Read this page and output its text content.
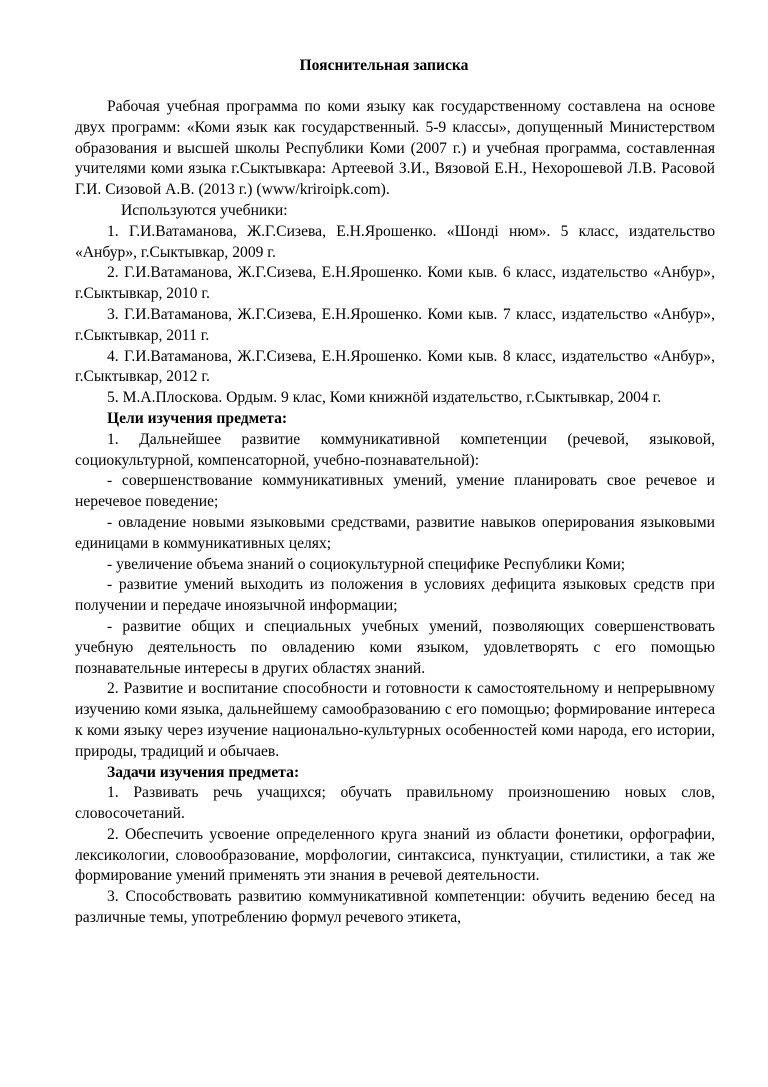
Пояснительная записка

Рабочая учебная программа по коми языку как государственному составлена на основе двух программ: «Коми язык как государственный. 5-9 классы», допущенный Министерством образования и высшей школы Республики Коми (2007 г.) и учебная программа, составленная учителями коми языка г.Сыктывкара: Артеевой З.И., Вязовой Е.Н., Нехорошевой Л.В. Расовой Г.И. Сизовой А.В. (2013 г.) (www/kriroipk.com).

Используются учебники:

1. Г.И.Ватаманова, Ж.Г.Сизева, Е.Н.Ярошенко. «Шондi нюм». 5 класс, издательство «Анбур», г.Сыктывкар, 2009 г.

2. Г.И.Ватаманова, Ж.Г.Сизева, Е.Н.Ярошенко. Коми кыв. 6 класс, издательство «Анбур», г.Сыктывкар, 2010 г.

3. Г.И.Ватаманова, Ж.Г.Сизева, Е.Н.Ярошенко. Коми кыв. 7 класс, издательство «Анбур», г.Сыктывкар, 2011 г.

4. Г.И.Ватаманова, Ж.Г.Сизева, Е.Н.Ярошенко. Коми кыв. 8 класс, издательство «Анбур», г.Сыктывкар, 2012 г.

5. М.А.Плоскова. Ордым. 9 клас, Коми книжнöй издательство, г.Сыктывкар, 2004 г.

Цели изучения предмета:

1. Дальнейшее развитие коммуникативной компетенции (речевой, языковой, социокультурной, компенсаторной, учебно-познавательной):

- совершенствование коммуникативных умений, умение планировать свое речевое и неречевое поведение;

- овладение новыми языковыми средствами, развитие навыков оперирования языковыми единицами в коммуникативных целях;

- увеличение объема знаний о социокультурной специфике Республики Коми;

- развитие умений выходить из положения в условиях дефицита языковых средств при получении и передаче иноязычной информации;

- развитие общих и специальных учебных умений, позволяющих совершенствовать учебную деятельность по овладению коми языком, удовлетворять с его помощью познавательные интересы в других областях знаний.

2. Развитие и воспитание способности и готовности к самостоятельному и непрерывному изучению коми языка, дальнейшему самообразованию с его помощью; формирование интереса к коми языку через изучение национально-культурных особенностей коми народа, его истории, природы, традиций и обычаев.

Задачи изучения предмета:

1. Развивать речь учащихся; обучать правильному произношению новых слов, словосочетаний.

2. Обеспечить усвоение определенного круга знаний из области фонетики, орфографии, лексикологии, словообразование, морфологии, синтаксиса, пунктуации, стилистики, а так же формирование умений применять эти знания в речевой деятельности.

3. Способствовать развитию коммуникативной компетенции: обучить ведению бесед на различные темы, употреблению формул речевого этикета,
